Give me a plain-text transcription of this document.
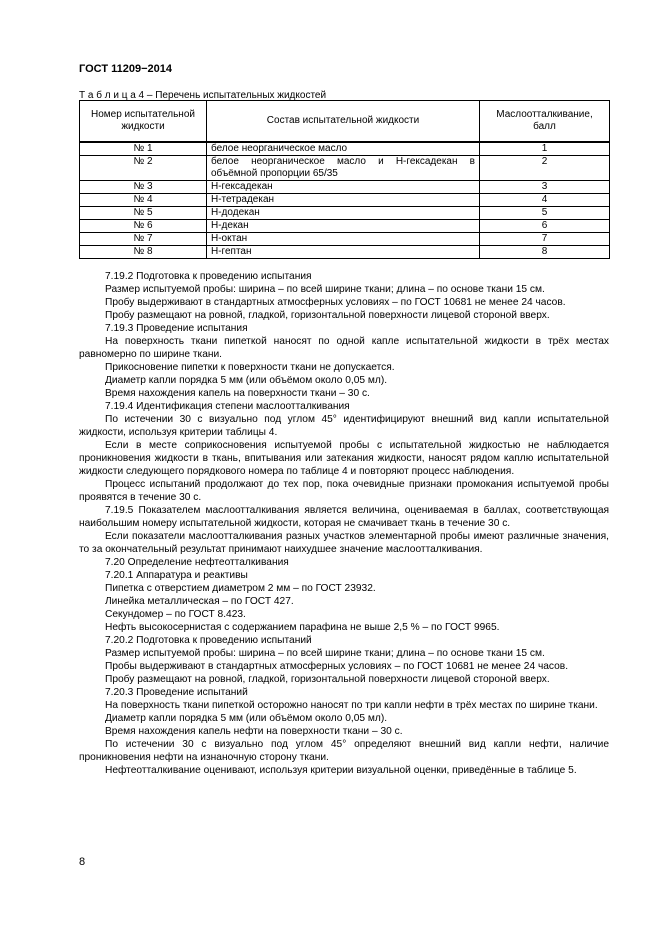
ГОСТ 11209−2014
Т а б л и ц а 4 – Перечень испытательных жидкостей
Номер испытательной жидкости	Состав испытательной жидкости	Маслоотталкивание, балл
№ 1	белое неорганическое масло	1
№ 2	белое неорганическое масло и Н-гексадекан в объёмной пропорции 65/35	2
№ 3	Н-гексадекан	3
№ 4	Н-тетрадекан	4
№ 5	Н-додекан	5
№ 6	Н-декан	6
№ 7	Н-октан	7
№ 8	Н-гептан	8

7.19.2 Подготовка к проведению испытания

Размер испытуемой пробы: ширина – по всей ширине ткани; длина – по основе ткани 15 см.

Пробу выдерживают в стандартных атмосферных условиях – по ГОСТ 10681 не менее 24 часов.

Пробу размещают на ровной, гладкой, горизонтальной поверхности лицевой стороной вверх.

7.19.3 Проведение испытания

На поверхность ткани пипеткой наносят по одной капле испытательной жидкости в трёх местах равномерно по ширине ткани.

Прикосновение пипетки к поверхности ткани не допускается.

Диаметр капли порядка 5 мм (или объёмом около 0,05 мл).

Время нахождения капель на поверхности ткани – 30 с.

7.19.4 Идентификация степени маслоотталкивания

По истечении 30 с визуально под углом 45° идентифицируют внешний вид капли испытательной жидкости, используя критерии таблицы 4.

Если в месте соприкосновения испытуемой пробы с испытательной жидкостью не наблюдается проникновения жидкости в ткань, впитывания или затекания жидкости, наносят рядом каплю испытательной жидкости следующего порядкового номера по таблице 4 и повторяют процесс наблюдения.

Процесс испытаний продолжают до тех пор, пока очевидные признаки промокания испытуемой пробы проявятся в течение 30 с.

7.19.5 Показателем маслоотталкивания является величина, оцениваемая в баллах, соответствующая наибольшим номеру испытательной жидкости, которая не смачивает ткань в течение 30 с.

Если показатели маслоотталкивания разных участков элементарной пробы имеют различные значения, то за окончательный результат принимают наихудшее значение маслоотталкивания.

7.20 Определение нефтеотталкивания

7.20.1 Аппаратура и реактивы

Пипетка с отверстием диаметром 2 мм – по ГОСТ 23932.

Линейка металлическая – по ГОСТ 427.

Секундомер – по ГОСТ 8.423.

Нефть высокосернистая с содержанием парафина не выше 2,5 % – по ГОСТ 9965.

7.20.2 Подготовка к проведению испытаний

Размер испытуемой пробы: ширина – по всей ширине ткани; длина – по основе ткани 15 см.

Пробы выдерживают в стандартных атмосферных условиях – по ГОСТ 10681 не менее 24 часов.

Пробу размещают на ровной, гладкой, горизонтальной поверхности лицевой стороной вверх.

7.20.3 Проведение испытаний

На поверхность ткани пипеткой осторожно наносят по три капли нефти в трёх местах по ширине ткани.

Диаметр капли порядка 5 мм (или объёмом около 0,05 мл).

Время нахождения капель нефти на поверхности ткани – 30 с.

По истечении 30 с визуально под углом 45° определяют внешний вид капли нефти, наличие проникновения нефти на изнаночную сторону ткани.

Нефтеотталкивание оценивают, используя критерии визуальной оценки, приведённые в таблице 5.

8
